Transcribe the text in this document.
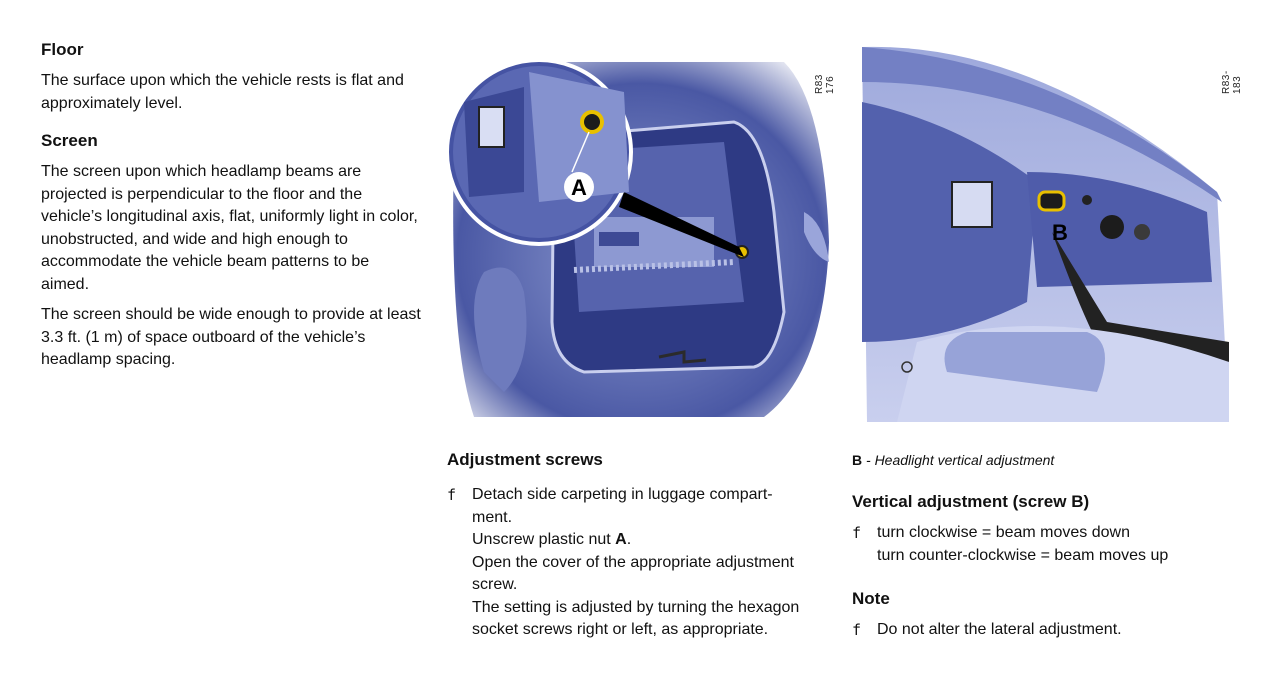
Floor

The surface upon which the vehicle rests is flat and approximately level.

Screen

The screen upon which headlamp beams are projected is perpendicular to the floor and the vehicle’s longitudinal axis, flat, uniformly light in color, unobstructed, and wide and high enough to accommodate the vehicle beam patterns to be aimed.

The screen should be wide enough to provide at least 3.3 ft. (1 m) of space outboard of the vehicle’s headlamp spacing.

A
R83 176
B
R83-183
Adjustment screws
f Detach side carpeting in luggage compart-
ment.
Unscrew plastic nut A.
Open the cover of the appropriate adjustment
screw.
The setting is adjusted by turning the hexagon
socket screws right or left, as appropriate.
B - Headlight vertical adjustment
Vertical adjustment (screw B)
f turn clockwise = beam moves down
turn counter-clockwise = beam moves up
Note
f Do not alter the lateral adjustment.
